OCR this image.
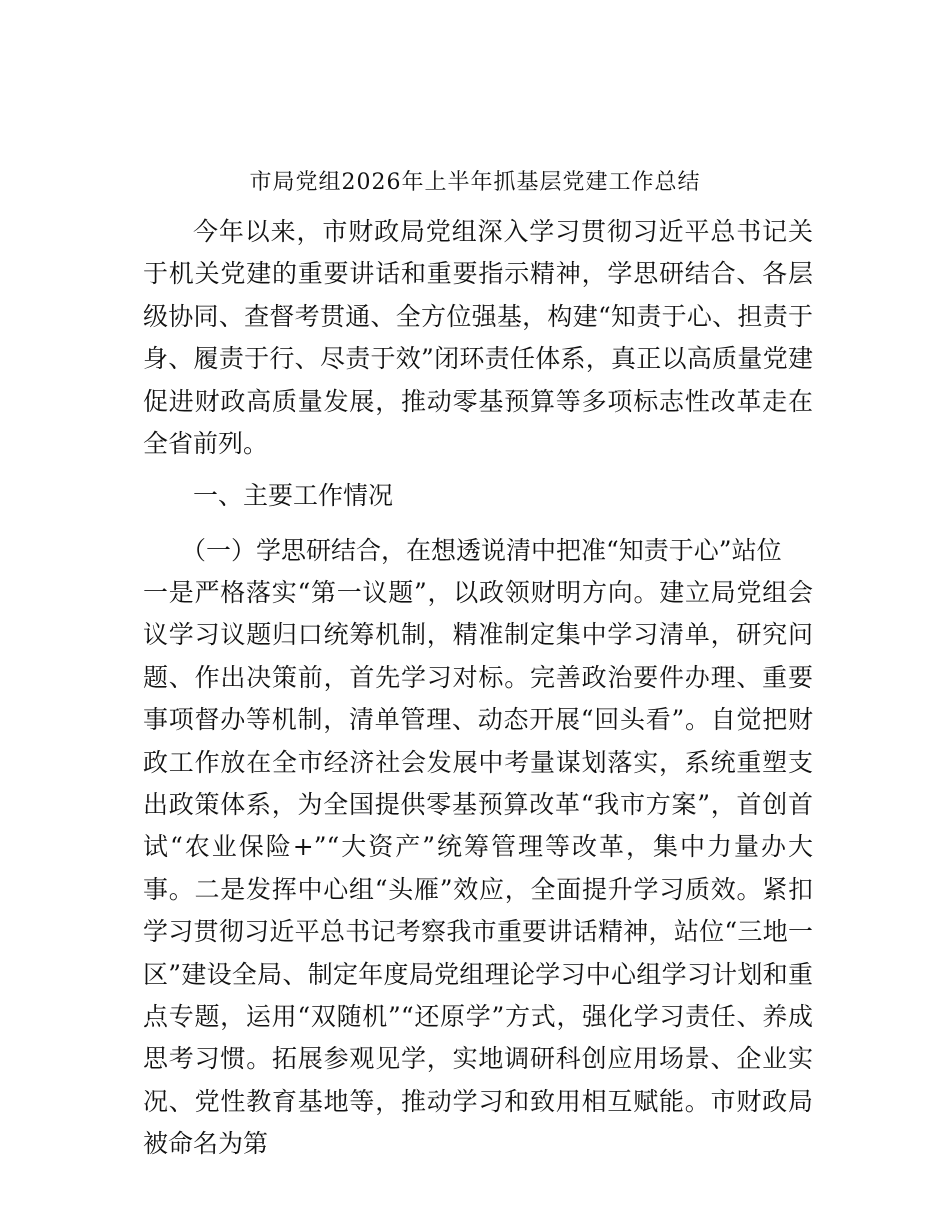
市局党组2026年上半年抓基层党建工作总结

今年以来，市财政局党组深入学习贯彻习近平总书记关于机关党建的重要讲话和重要指示精神，学思研结合、各层级协同、查督考贯通、全方位强基，构建“知责于心、担责于身、履责于行、尽责于效”闭环责任体系，真正以高质量党建促进财政高质量发展，推动零基预算等多项标志性改革走在全省前列。

一、主要工作情况

（一）学思研结合，在想透说清中把准“知责于心”站位

一是严格落实“第一议题”，以政领财明方向。建立局党组会议学习议题归口统筹机制，精准制定集中学习清单，研究问题、作出决策前，首先学习对标。完善政治要件办理、重要事项督办等机制，清单管理、动态开展“回头看”。自觉把财政工作放在全市经济社会发展中考量谋划落实，系统重塑支出政策体系，为全国提供零基预算改革“我市方案”，首创首试“农业保险+”“大资产”统筹管理等改革，集中力量办大事。二是发挥中心组“头雁”效应，全面提升学习质效。紧扣学习贯彻习近平总书记考察我市重要讲话精神，站位“三地一区”建设全局、制定年度局党组理论学习中心组学习计划和重点专题，运用“双随机”“还原学”方式，强化学习责任、养成思考习惯。拓展参观见学，实地调研科创应用场景、企业实况、党性教育基地等，推动学习和致用相互赋能。市财政局被命名为第
